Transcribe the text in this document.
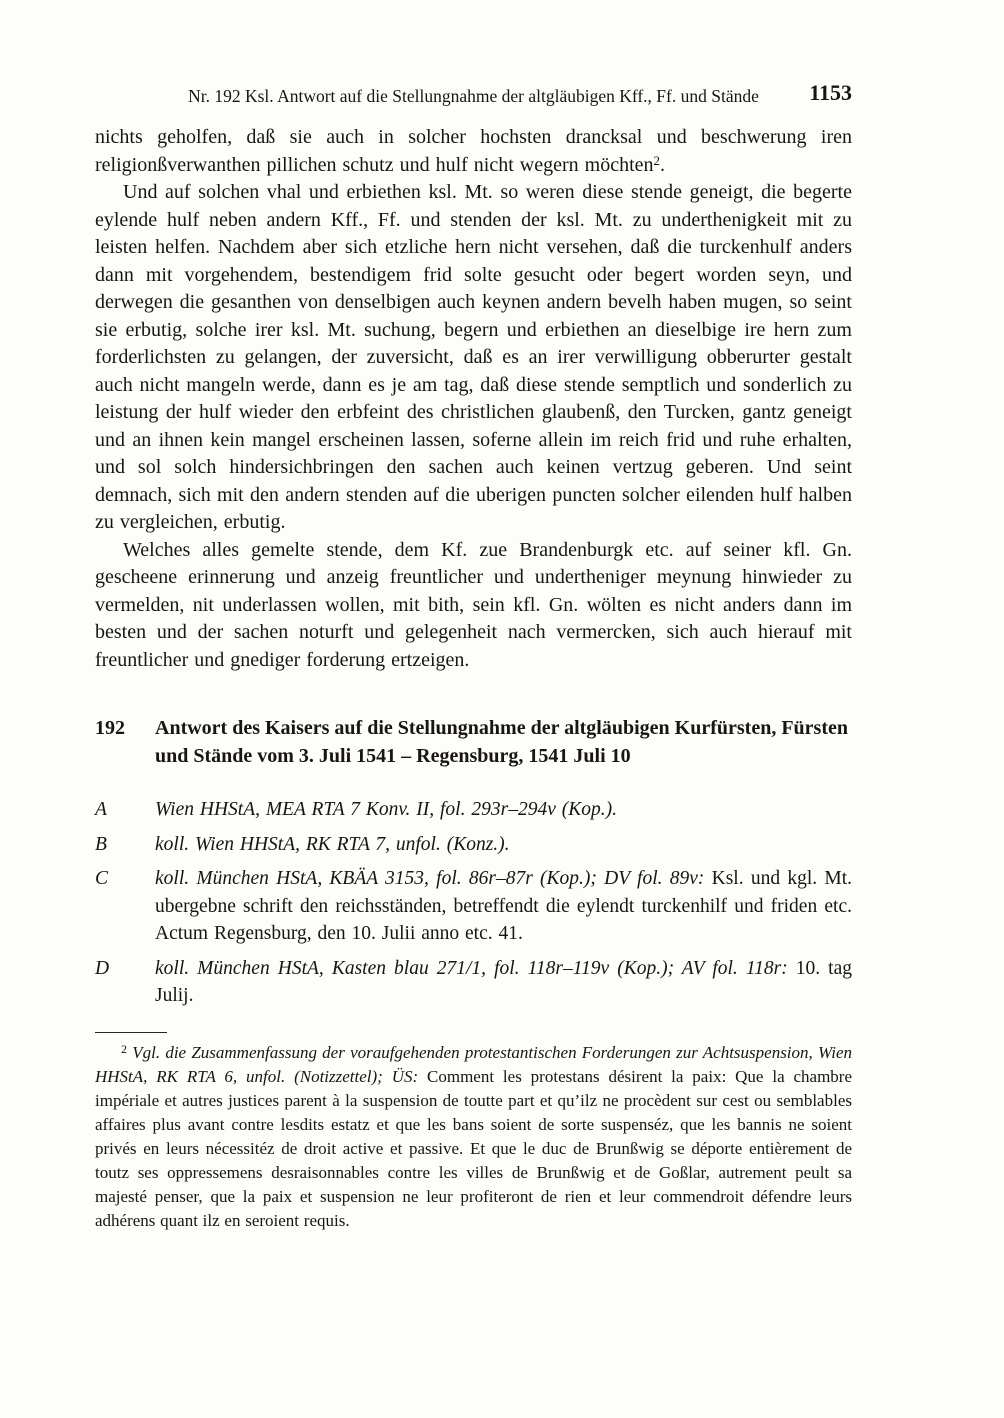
Nr. 192 Ksl. Antwort auf die Stellungnahme der altgläubigen Kff., Ff. und Stände 1153

nichts geholfen, daß sie auch in solcher hochsten drancksal und beschwerung iren religionßverwanthen pillichen schutz und hulf nicht wegern möchten$^2$.

Und auf solchen vhal und erbiethen ksl. Mt. so weren diese stende geneigt, die begerte eylende hulf neben andern Kff., Ff. und stenden der ksl. Mt. zu underthenigkeit mit zu leisten helfen. Nachdem aber sich etzliche hern nicht versehen, daß die turckenhulf anders dann mit vorgehendem, bestendigem frid solte gesucht oder begert worden seyn, und derwegen die gesanthen von denselbigen auch keynen andern bevelh haben mugen, so seint sie erbutig, solche irer ksl. Mt. suchung, begern und erbiethen an dieselbige ire hern zum forderlichsten zu gelangen, der zuversicht, daß es an irer verwilligung obberurter gestalt auch nicht mangeln werde, dann es je am tag, daß diese stende semptlich und sonderlich zu leistung der hulf wieder den erbfeint des christlichen glaubenß, den Turcken, gantz geneigt und an ihnen kein mangel erscheinen lassen, soferne allein im reich frid und ruhe erhalten, und sol solch hindersichbringen den sachen auch keinen vertzug geberen. Und seint demnach, sich mit den andern stenden auf die uberigen puncten solcher eilenden hulf halben zu vergleichen, erbutig.

Welches alles gemelte stende, dem Kf. zue Brandenburgk etc. auf seiner kfl. Gn. gescheene erinnerung und anzeig freuntlicher und undertheniger meynung hinwieder zu vermelden, nit underlassen wollen, mit bith, sein kfl. Gn. wölten es nicht anders dann im besten und der sachen noturft und gelegenheit nach vermercken, sich auch hierauf mit freuntlicher und gnediger forderung ertzeigen.

192	Antwort des Kaisers auf die Stellungnahme der altgläubigen Kurfürsten, Fürsten und Stände vom 3. Juli 1541 – Regensburg, 1541 Juli 10
A	Wien HHStA, MEA RTA 7 Konv. II, fol. 293r–294v (Kop.).
B	koll. Wien HHStA, RK RTA 7, unfol. (Konz.).
C	koll. München HStA, KBÄA 3153, fol. 86r–87r (Kop.); DV fol. 89v: Ksl. und kgl. Mt. ubergebne schrift den reichsständen, betreffendt die eylendt turckenhilf und friden etc. Actum Regensburg, den 10. Julii anno etc. 41.
D	koll. München HStA, Kasten blau 271/1, fol. 118r–119v (Kop.); AV fol. 118r: 10. tag Julij.

$^2$ Vgl. die Zusammenfassung der voraufgehenden protestantischen Forderungen zur Achtsuspension, Wien HHStA, RK RTA 6, unfol. (Notizzettel); ÜS: Comment les protestans désirent la paix: Que la chambre impériale et autres justices parent à la suspension de toutte part et qu’ilz ne procèdent sur cest ou semblables affaires plus avant contre lesdits estatz et que les bans soient de sorte suspenséz, que les bannis ne soient privés en leurs nécessitéz de droit active et passive. Et que le duc de Brunßwig se déporte entièrement de toutz ses oppressemens desraisonnables contre les villes de Brunßwig et de Goßlar, autrement peult sa majesté penser, que la paix et suspension ne leur profiteront de rien et leur commendroit défendre leurs adhérens quant ilz en seroient requis.
